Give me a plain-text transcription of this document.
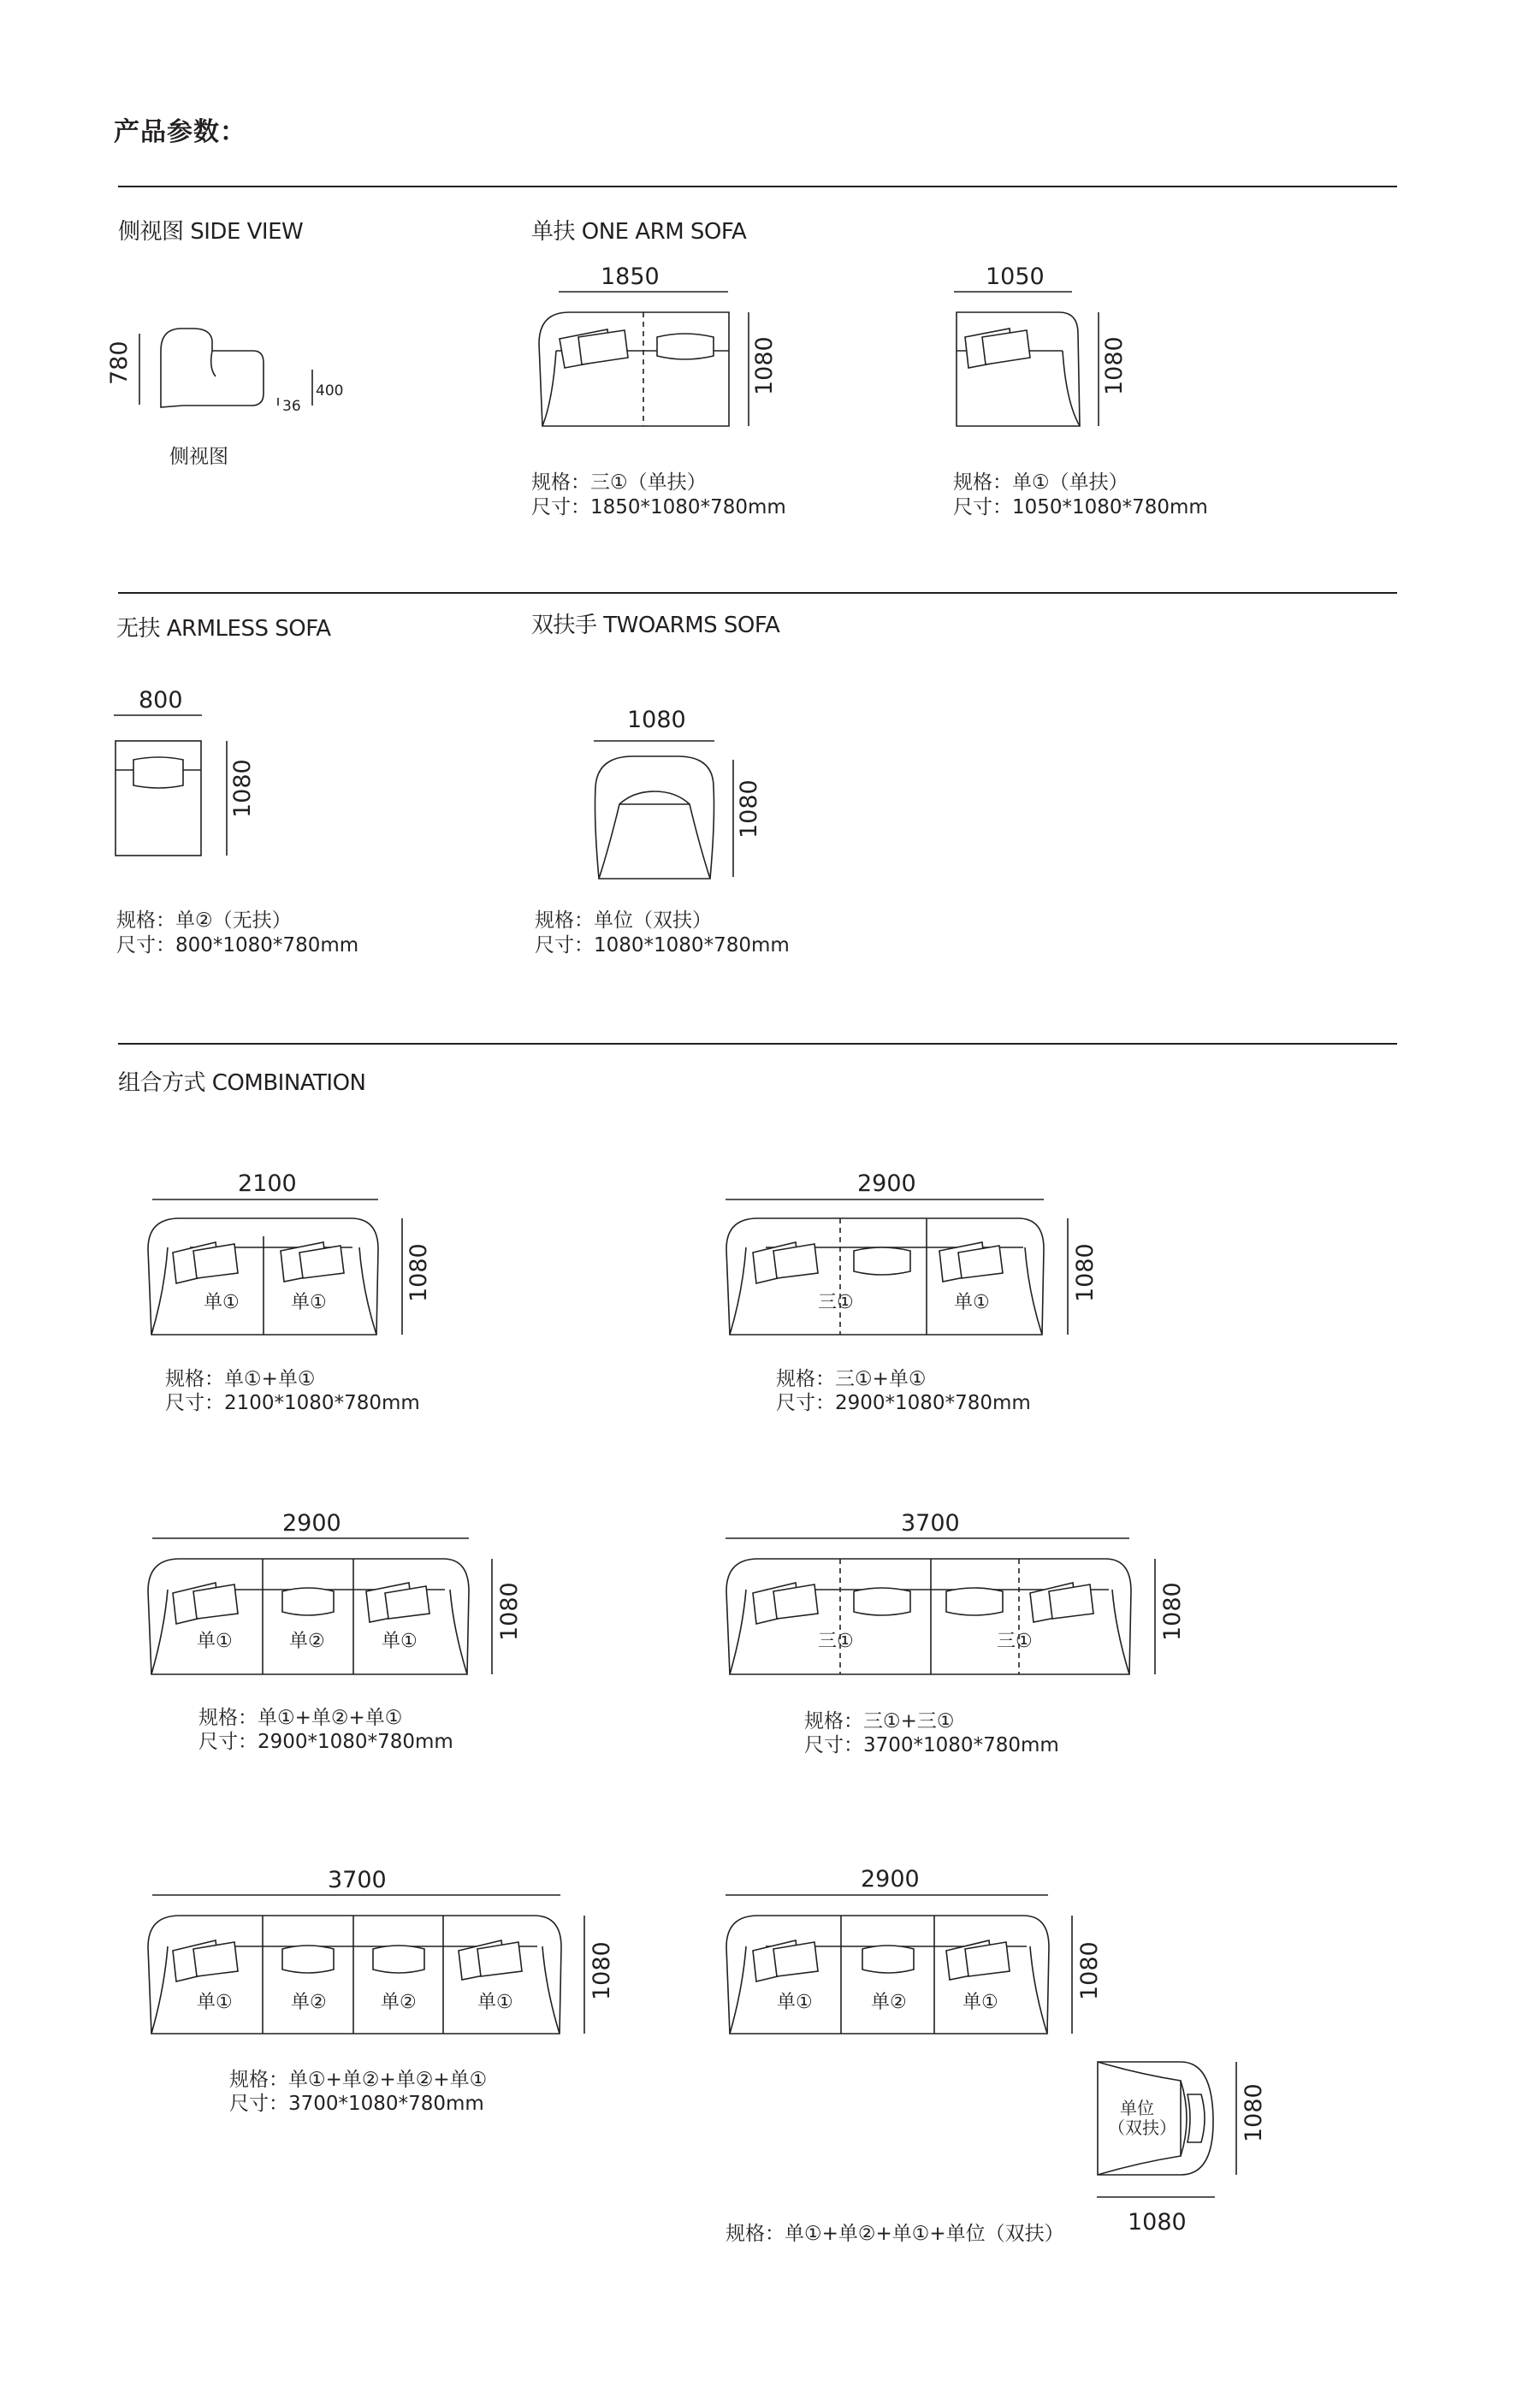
产品参数：
侧视图 SIDE VIEW	单扶 ONE ARM SOFA
无扶 ARMLESS SOFA	双扶手 TWOARMS SOFA
组合方式 COMBINATION
780
400
36
侧视图
1850
1080
规格：三①（单扶）
尺寸：1850*1080*780mm
1050
1080
规格：单①（单扶）
尺寸：1050*1080*780mm
800
1080
规格：单②（无扶）
尺寸：800*1080*780mm
1080
1080
规格：单位（双扶）
尺寸：1080*1080*780mm
2100
1080
单①	单①
规格：单①+单①
尺寸：2100*1080*780mm
2900
1080
三①	单①
规格：三①+单①
尺寸：2900*1080*780mm
2900
1080
单①	单②	单①
规格：单①+单②+单①
尺寸：2900*1080*780mm
3700
1080
三①	三①
规格：三①+三①
尺寸：3700*1080*780mm
3700
1080
单①	单②	单②	单①
规格：单①+单②+单②+单①
尺寸：3700*1080*780mm
2900
1080
单①	单②	单①
单位
（双扶）	1080
1080
规格：单①+单②+单①+单位（双扶）
